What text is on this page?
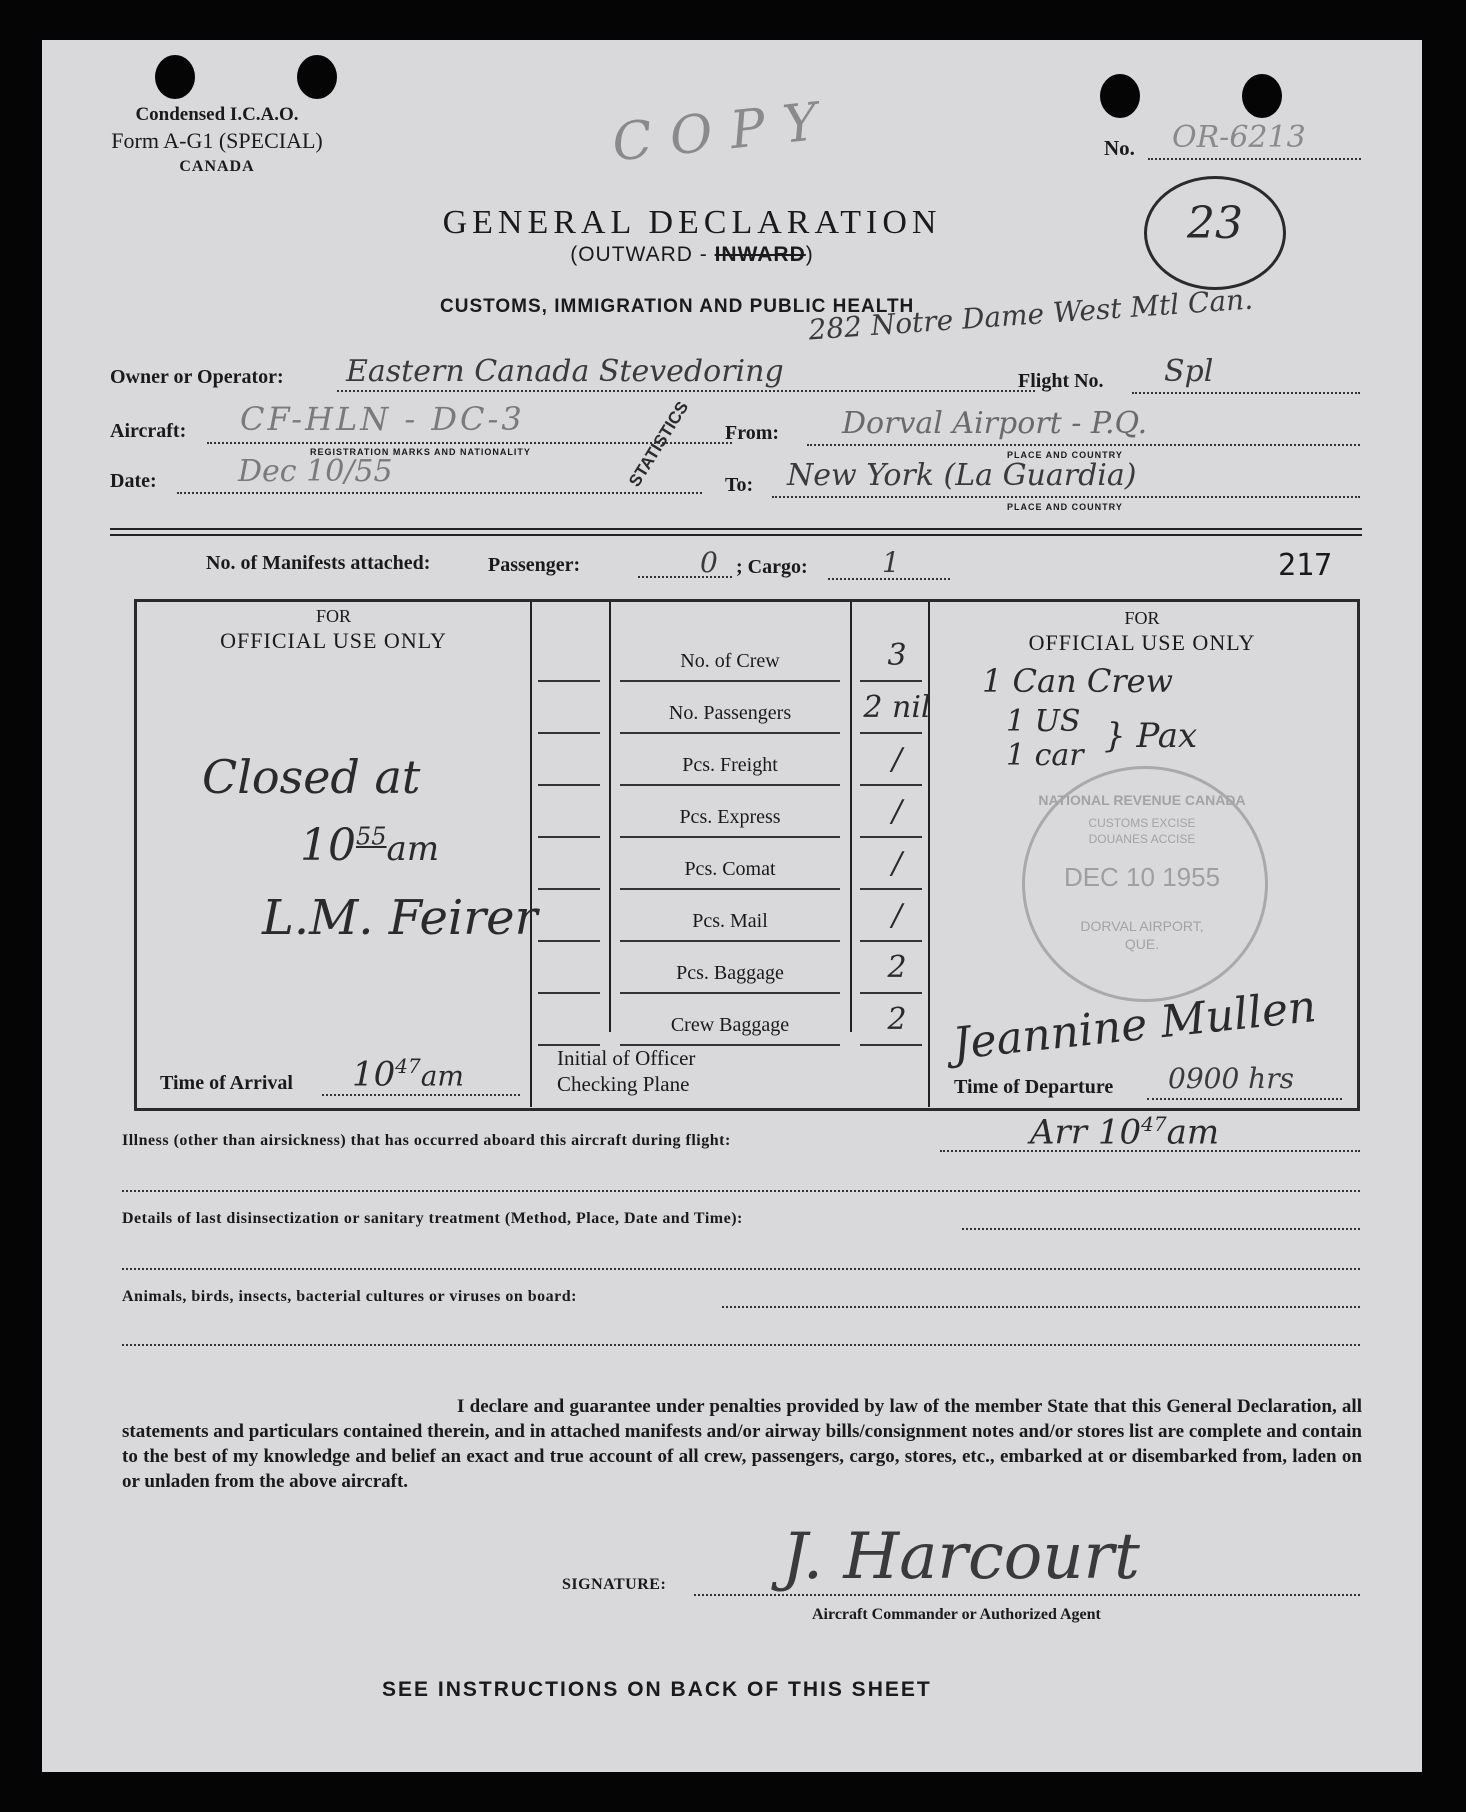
Condensed I.C.A.O.
Form A-G1 (SPECIAL)
CANADA	COPY	No. OR-6213
23
GENERAL DECLARATION
(OUTWARD - INWARD)
CUSTOMS, IMMIGRATION AND PUBLIC HEALTH
282 Notre Dame West Mtl Can.
Owner or Operator: Eastern Canada Stevedoring	Flight No. Spl
Aircraft: CF-HLN - DC-3
REGISTRATION MARKS AND NATIONALITY
From: Dorval Airport - P.Q.
PLACE AND COUNTRY
Date:	Dec 10/55	To: New York (La Guardia)
PLACE AND COUNTRY
STATISTICS
No. of Manifests attached:	Passenger:	0 ; Cargo:	1	217
FOR
OFFICIAL USE ONLY
Closed at
$10^{55}am$
L.M. Feirer
Time of Arrival $10^{47}am$
Initial of Officer
Checking Plane
No. of Crew	3
No. Passengers	2 nil
Pcs. Freight	/
Pcs. Express	/
Pcs. Comat	/
Pcs. Mail	/
Pcs. Baggage	2
Crew Baggage	2
FOR
OFFICIAL USE ONLY
1 Can Crew
1 US
1 car } Pax
NATIONAL REVENUE CANADA
CUSTOMS EXCISE
DOUANES ACCISE
DEC 10 1955
DORVAL AIRPORT,
QUE.
Jeannine Mullen
Time of Departure 0900 hrs
Illness (other than airsickness) that has occurred aboard this aircraft during flight:	Arr $10^{47}am$
Details of last disinsectization or sanitary treatment (Method, Place, Date and Time):
Animals, birds, insects, bacterial cultures or viruses on board:
I declare and guarantee under penalties provided by law of the member State that this General Declaration, all statements and particulars contained therein, and in attached manifests and/or airway bills/consignment notes and/or stores list are complete and contain to the best of my knowledge and belief an exact and true account of all crew, passengers, cargo, stores, etc., embarked at or disembarked from, laden on or unladen from the above aircraft.
SIGNATURE: J. Harcourt
Aircraft Commander or Authorized Agent
SEE INSTRUCTIONS ON BACK OF THIS SHEET
